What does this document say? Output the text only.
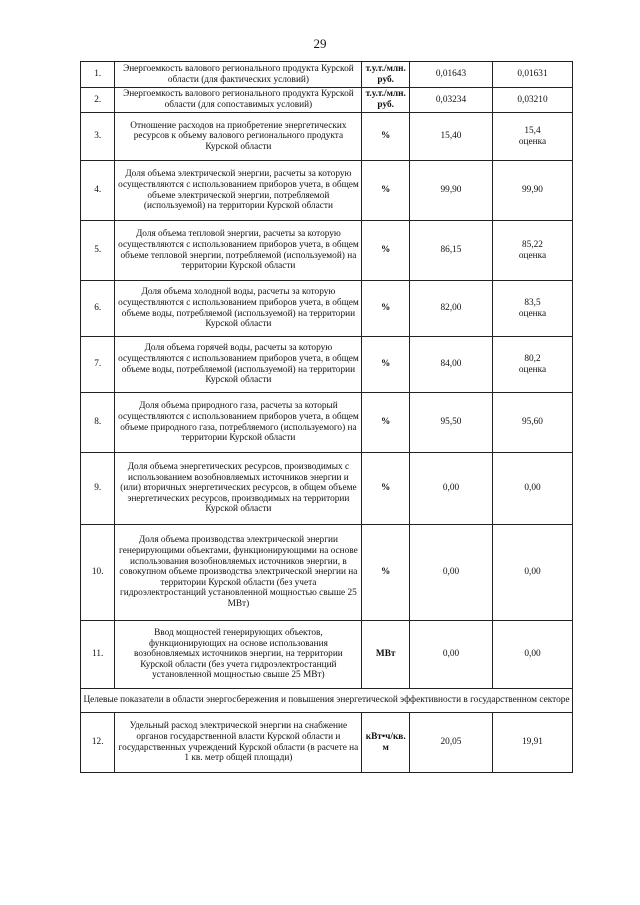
29
1.	Энергоемкость валового регионального продукта Курской области (для фактических условий)	т.у.т./млн. руб.	0,01643	0,01631
2.	Энергоемкость валового регионального продукта Курской области (для сопоставимых условий)	т.у.т./млн. руб.	0,03234	0,03210
3.	Отношение расходов на приобретение энергетических ресурсов к объему валового регионального продукта Курской области	%	15,40	15,4
оценка

4.	Доля объема электрической энергии, расчеты за которую осуществляются с использованием приборов учета, в общем объеме электрической энергии, потребляемой (используемой) на территории Курской области	%	99,90	99,90
5.	Доля объема тепловой энергии, расчеты за которую осуществляются с использованием приборов учета, в общем объеме тепловой энергии, потребляемой (используемой) на территории Курской области	%	86,15	85,22
оценка

6.	Доля объема холодной воды, расчеты за которую осуществляются с использованием приборов учета, в общем объеме воды, потребляемой (используемой) на территории Курской области	%	82,00	83,5
оценка

7.	Доля объема горячей воды, расчеты за которую осуществляются с использованием приборов учета, в общем объеме воды, потребляемой (используемой) на территории Курской области	%	84,00	80,2
оценка

8.	Доля объема природного газа, расчеты за который осуществляются с использованием приборов учета, в общем объеме природного газа, потребляемого (используемого) на территории Курской области	%	95,50	95,60
9.	Доля объема энергетических ресурсов, производимых с использованием возобновляемых источников энергии и (или) вторичных энергетических ресурсов, в общем объеме энергетических ресурсов, производимых на территории Курской области	%	0,00	0,00
10.	Доля объема производства электрической энергии генерирующими объектами, функционирующими на основе использования возобновляемых источников энергии, в совокупном объеме производства электрической энергии на территории Курской области (без учета гидроэлектростанций установленной мощностью свыше 25 МВт)	%	0,00	0,00
11.	Ввод мощностей генерирующих объектов, функционирующих на основе использования возобновляемых источников энергии, на территории Курской области (без учета гидроэлектростанций установленной мощностью свыше 25 МВт)	МВт	0,00	0,00
Целевые показатели в области энергосбережения и повышения энергетической эффективности в государственном секторе				
12.	Удельный расход электрической энергии на снабжение органов государственной власти Курской области и государственных учреждений Курской области (в расчете на 1 кв. метр общей площади)	кВт•ч/кв. м	20,05	19,91
